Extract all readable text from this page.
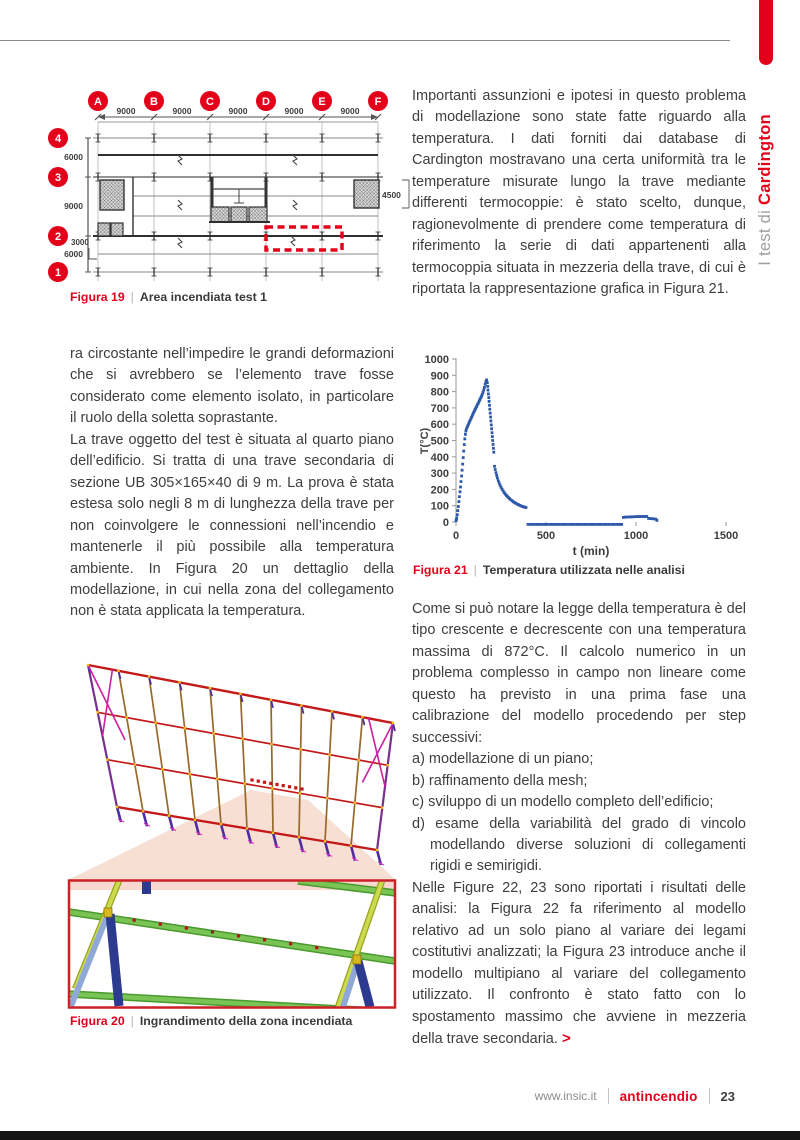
I test di Cardington
9000	9000	9000	9000	9000
A	B	C	D	E	F
4
3
2
1
6000
9000
6000
3000
4500
Figura 19 | Area incendiata test 1

Importanti assunzioni e ipotesi in questo problema di modellazione sono state fatte riguardo alla temperatura. I dati forniti dai database di Cardington mostravano una certa uniformità tra le temperature misurate lungo la trave mediante differenti termocoppie: è stato scelto, dunque, ragionevolmente di prendere come temperatura di riferimento la serie di dati appartenenti alla termocoppia situata in mezzeria della trave, di cui è riportata la rappresentazione grafica in Figura 21.

0
100
200
300
400
500
600
700
800
900
1000
0	500	1000	1500
T(°C)
t (min)
Figura 21 | Temperatura utilizzata nelle analisi

Come si può notare la legge della temperatura è del tipo crescente e decrescente con una temperatura massima di 872°C. Il calcolo numerico in un problema complesso in campo non lineare come questo ha previsto in una prima fase una calibrazione del modello procedendo per step successivi:

a) modellazione di un piano;
b) raffinamento della mesh;
c) sviluppo di un modello completo dell’edificio;
d) esame della variabilità del grado di vincolo modellando diverse soluzioni di collegamenti rigidi e semirigidi.

Nelle Figure 22, 23 sono riportati i risultati delle analisi: la Figura 22 fa riferimento al modello relativo ad un solo piano al variare dei legami costitutivi analizzati; la Figura 23 introduce anche il modello multipiano al variare del collegamento utilizzato. Il confronto è stato fatto con lo spostamento massimo che avviene in mezzeria della trave secondaria. >

ra circostante nell’impedire le grandi deformazioni che si avrebbero se l’elemento trave fosse considerato come elemento isolato, in particolare il ruolo della soletta soprastante.

La trave oggetto del test è situata al quarto piano dell’edificio. Si tratta di una trave secondaria di sezione UB 305×165×40 di 9 m. La prova è stata estesa solo negli 8 m di lunghezza della trave per non coinvolgere le connessioni nell’incendio e mantenerle il più possibile alla temperatura ambiente. In Figura 20 un dettaglio della modellazione, in cui nella zona del collegamento non è stata applicata la temperatura.

Figura 20 | Ingrandimento della zona incendiata
www.insic.it antincendio 23
